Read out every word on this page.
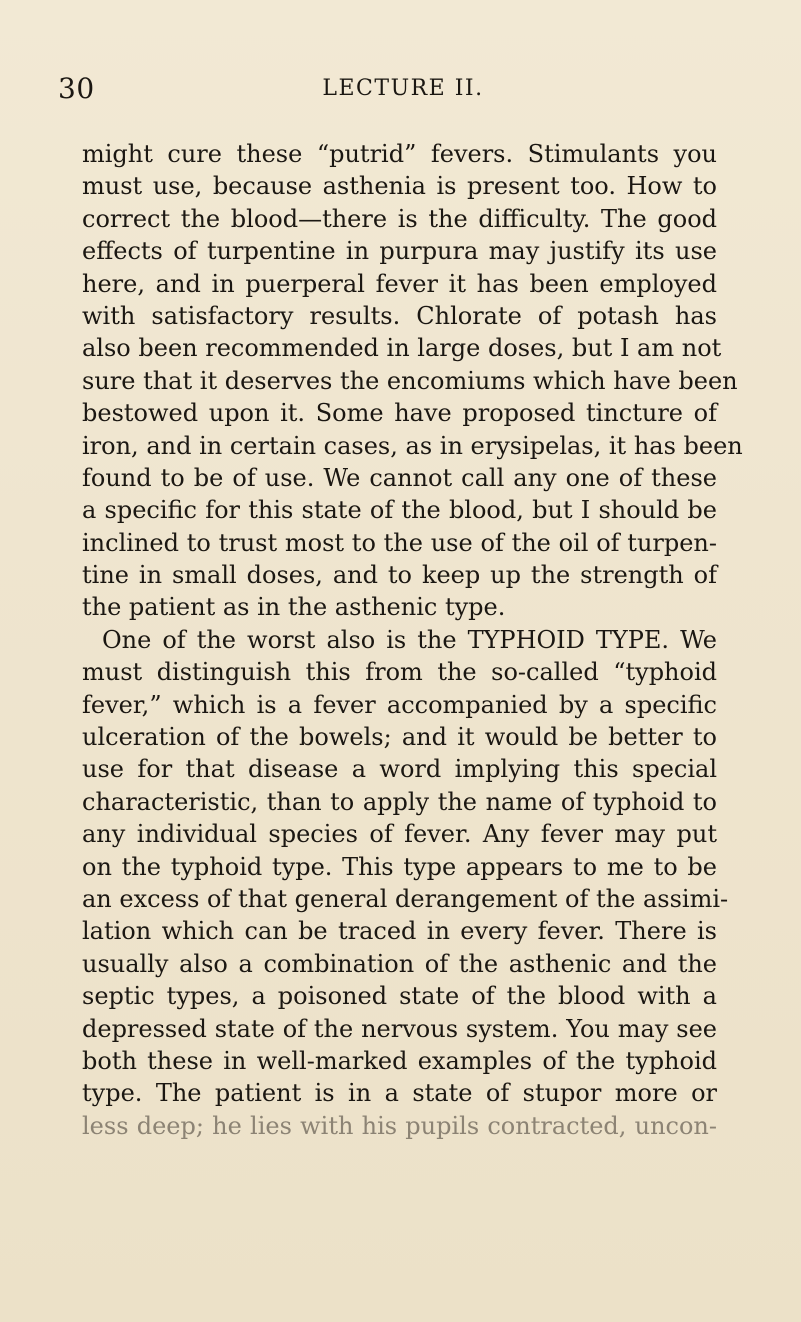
30	LECTURE II.
might cure these “putrid” fevers. Stimulants you
must use, because asthenia is present too. How to
correct the blood—there is the difficulty. The good
effects of turpentine in purpura may justify its use
here, and in puerperal fever it has been employed
with satisfactory results. Chlorate of potash has
also been recommended in large doses, but I am not
sure that it deserves the encomiums which have been
bestowed upon it. Some have proposed tincture of
iron, and in certain cases, as in erysipelas, it has been
found to be of use. We cannot call any one of these
a specific for this state of the blood, but I should be
inclined to trust most to the use of the oil of turpen-
tine in small doses, and to keep up the strength of
the patient as in the asthenic type.
One of the worst also is the TYPHOID TYPE. We
must distinguish this from the so-called “typhoid
fever,” which is a fever accompanied by a specific
ulceration of the bowels; and it would be better to
use for that disease a word implying this special
characteristic, than to apply the name of typhoid to
any individual species of fever. Any fever may put
on the typhoid type. This type appears to me to be
an excess of that general derangement of the assimi-
lation which can be traced in every fever. There is
usually also a combination of the asthenic and the
septic types, a poisoned state of the blood with a
depressed state of the nervous system. You may see
both these in well-marked examples of the typhoid
type. The patient is in a state of stupor more or
less deep; he lies with his pupils contracted, uncon-
